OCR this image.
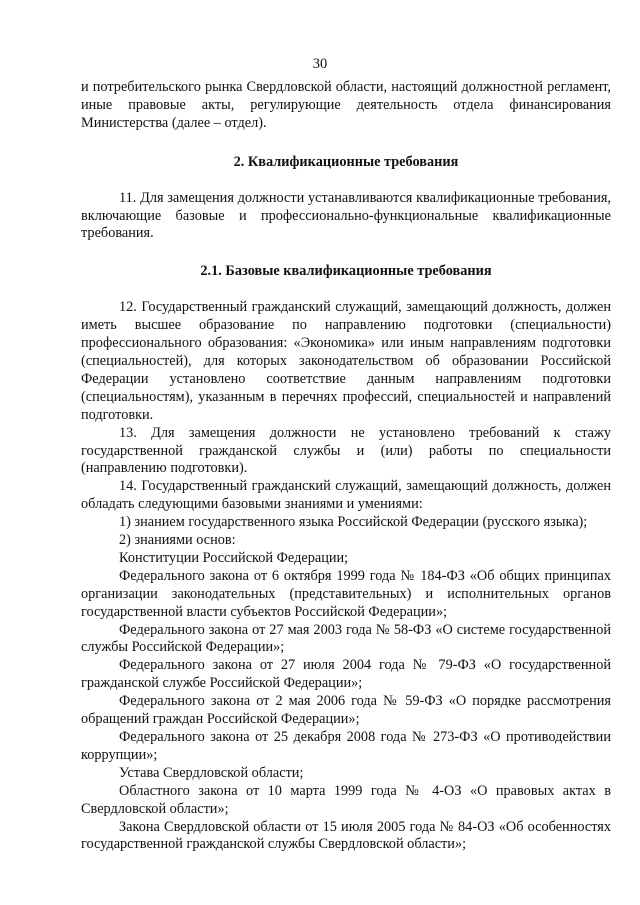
30

и потребительского рынка Свердловской области, настоящий должностной регламент, иные правовые акты, регулирующие деятельность отдела финансирования Министерства (далее – отдел).

2. Квалификационные требования

11. Для замещения должности устанавливаются квалификационные требования, включающие базовые и профессионально-функциональные квалификационные требования.

2.1. Базовые квалификационные требования

12. Государственный гражданский служащий, замещающий должность, должен иметь высшее образование по направлению подготовки (специальности) профессионального образования: «Экономика» или иным направлениям подготовки (специальностей), для которых законодательством об образовании Российской Федерации установлено соответствие данным направлениям подготовки (специальностям), указанным в перечнях профессий, специальностей и направлений подготовки.

13. Для замещения должности не установлено требований к стажу государственной гражданской службы и (или) работы по специальности (направлению подготовки).

14. Государственный гражданский служащий, замещающий должность, должен обладать следующими базовыми знаниями и умениями:

1) знанием государственного языка Российской Федерации (русского языка);

2) знаниями основ:

Конституции Российской Федерации;

Федерального закона от 6 октября 1999 года № 184-ФЗ «Об общих принципах организации законодательных (представительных) и исполнительных органов государственной власти субъектов Российской Федерации»;

Федерального закона от 27 мая 2003 года № 58-ФЗ «О системе государственной службы Российской Федерации»;

Федерального закона от 27 июля 2004 года № 79-ФЗ «О государственной гражданской службе Российской Федерации»;

Федерального закона от 2 мая 2006 года № 59-ФЗ «О порядке рассмотрения обращений граждан Российской Федерации»;

Федерального закона от 25 декабря 2008 года № 273-ФЗ «О противодействии коррупции»;

Устава Свердловской области;

Областного закона от 10 марта 1999 года № 4-ОЗ «О правовых актах в Свердловской области»;

Закона Свердловской области от 15 июля 2005 года № 84-ОЗ «Об особенностях государственной гражданской службы Свердловской области»;
